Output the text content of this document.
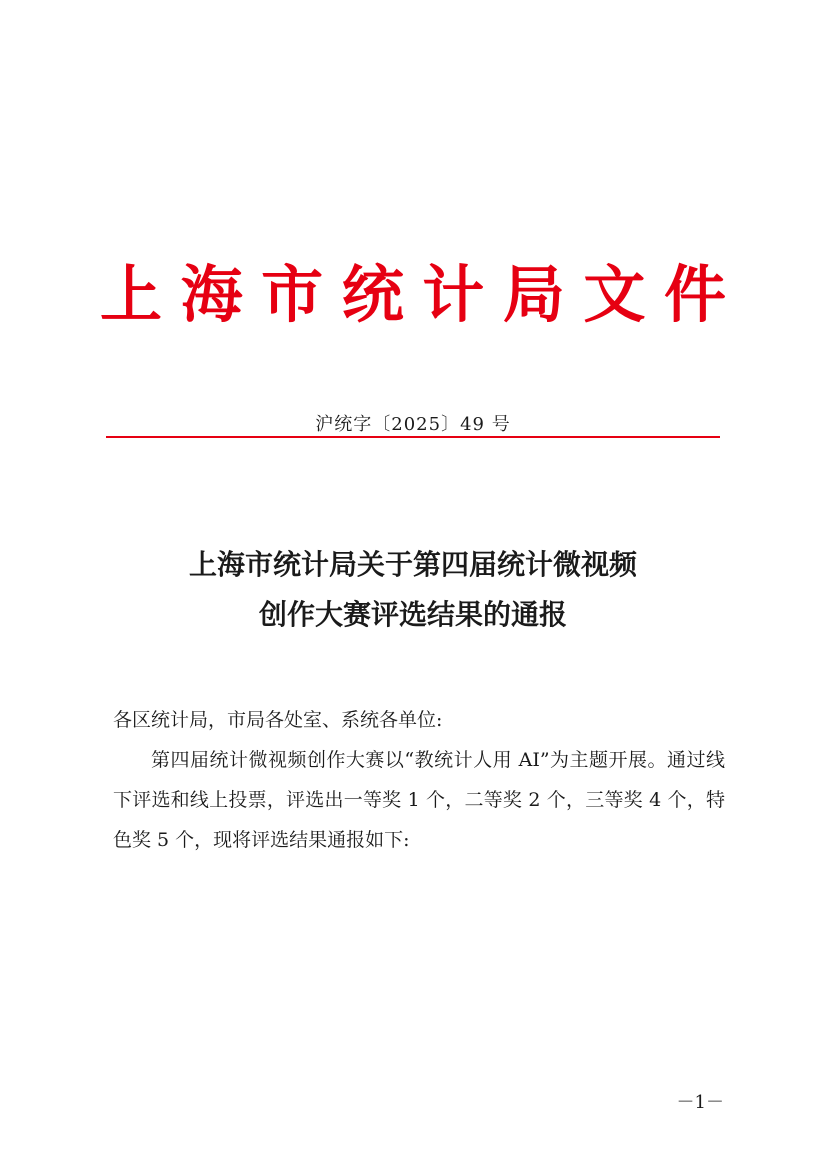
上 海 市 统 计 局 文 件
沪统字〔2025〕49 号
上海市统计局关于第四届统计微视频
创作大赛评选结果的通报

各区统计局，市局各处室、系统各单位:

第四届统计微视频创作大赛以“教统计人用 AI”为主题开展。通过线下评选和线上投票，评选出一等奖 1 个，二等奖 2 个，三等奖 4 个，特色奖 5 个，现将评选结果通报如下:

－1－
